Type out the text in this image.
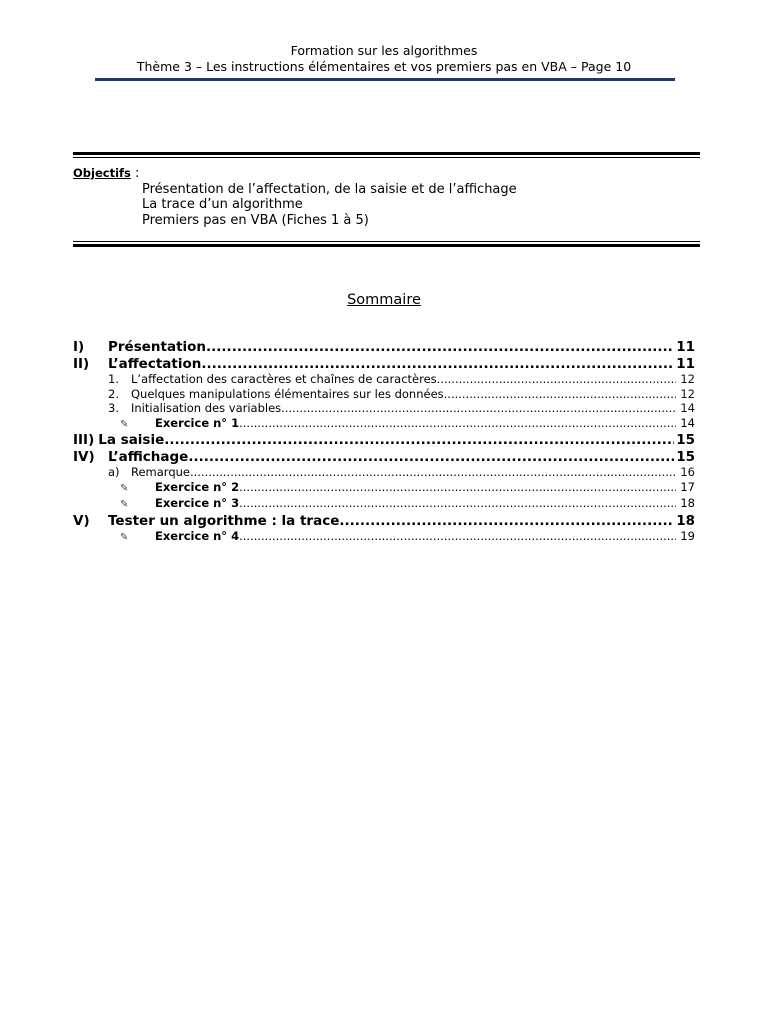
Formation sur les algorithmes
Thème 3 – Les instructions élémentaires et vos premiers pas en VBA – Page 10
Objectifs :
Présentation de l’affectation, de la saisie et de l’affichage
La trace d’un algorithme
Premiers pas en VBA (Fiches 1 à 5)
Sommaire
I)	Présentation .....	11
II)	L’affectation .....	11
1.	L’affectation des caractères et chaînes de caractères .....	12
2.	Quelques manipulations élémentaires sur les données .....	12
3.	Initialisation des variables .....	14
✎	Exercice n° 1 .....	14
III) La saisie .....	15
IV) L’affichage .....	15
a) Remarque .....	16
✎	Exercice n° 2 .....	17
✎	Exercice n° 3 .....	18
V)	Tester un algorithme : la trace .....	18
✎	Exercice n° 4 .....	19
